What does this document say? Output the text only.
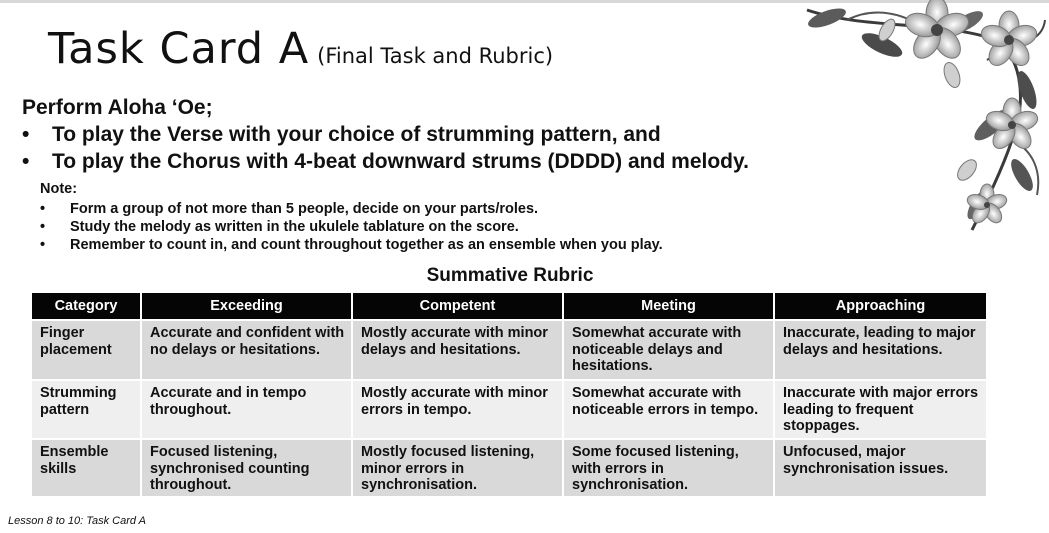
Task Card A (Final Task and Rubric)
Perform Aloha ‘Oe;
• To play the Verse with your choice of strumming pattern, and
• To play the Chorus with 4-beat downward strums (DDDD) and melody.
Note:
• Form a group of not more than 5 people, decide on your parts/roles.
• Study the melody as written in the ukulele tablature on the score.
• Remember to count in, and count throughout together as an ensemble when you play.
Summative Rubric
Category	Exceeding	Competent	Meeting	Approaching
Finger placement	Accurate and confident with no delays or hesitations.	Mostly accurate with minor delays and hesitations.	Somewhat accurate with noticeable delays and hesitations.	Inaccurate, leading to major delays and hesitations.
Strumming pattern	Accurate and in tempo throughout.	Mostly accurate with minor errors in tempo.	Somewhat accurate with noticeable errors in tempo.	Inaccurate with major errors leading to frequent stoppages.
Ensemble skills	Focused listening, synchronised counting throughout.	Mostly focused listening, minor errors in synchronisation.	Some focused listening, with errors in synchronisation.	Unfocused, major synchronisation issues.
Lesson 8 to 10: Task Card A
